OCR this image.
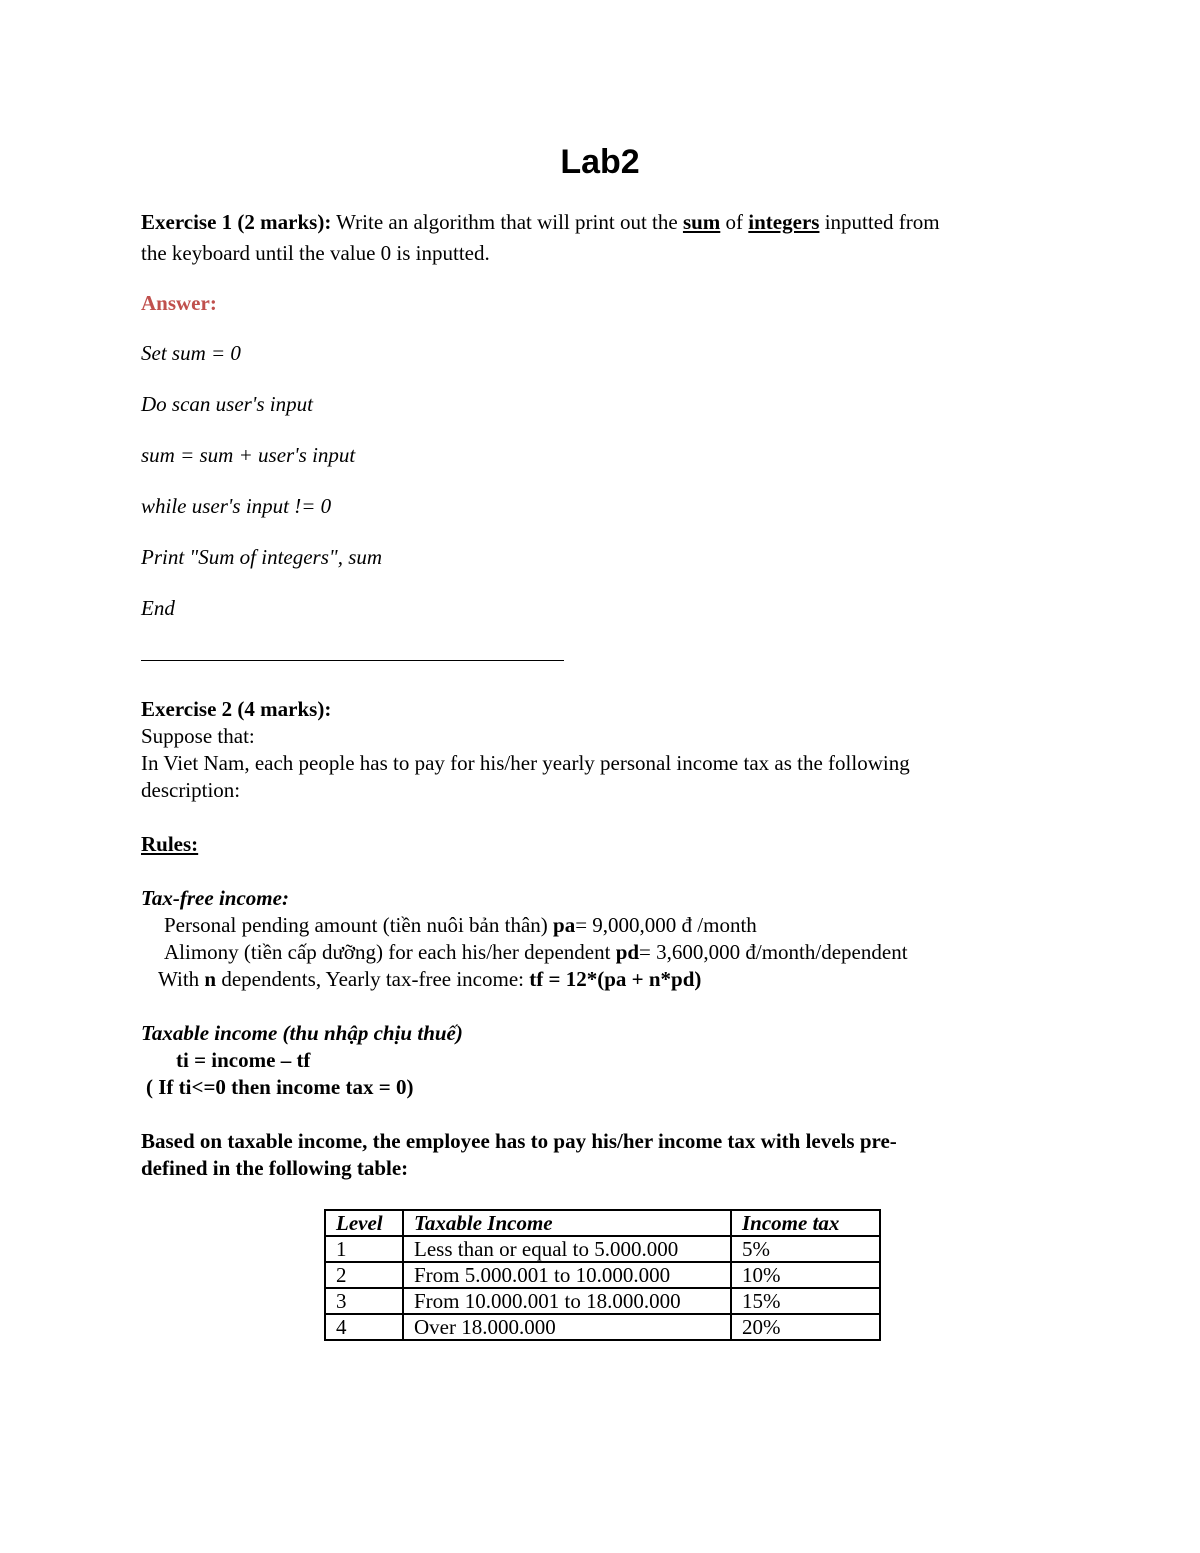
Lab2
Exercise 1 (2 marks): Write an algorithm that will print out the sum of integers inputted from
the keyboard until the value 0 is inputted.
Answer:
Set sum = 0
Do scan user's input
sum = sum + user's input
while user's input != 0
Print "Sum of integers", sum
End
Exercise 2 (4 marks):
Suppose that:
In Viet Nam, each people has to pay for his/her yearly personal income tax as the following
description:
Rules:
Tax-free income:
Personal pending amount (tiền nuôi bản thân) pa= 9,000,000 đ /month
Alimony (tiền cấp dưỡng) for each his/her dependent pd= 3,600,000 đ/month/dependent
With n dependents, Yearly tax-free income: tf = 12*(pa + n*pd)
Taxable income (thu nhập chịu thuế)
ti = income – tf
( If ti<=0 then income tax = 0)
Based on taxable income, the employee has to pay his/her income tax with levels pre-
defined in the following table:
Level	Taxable Income	Income tax
1	Less than or equal to 5.000.000	5%
2	From 5.000.001 to 10.000.000	10%
3	From 10.000.001 to 18.000.000	15%
4	Over 18.000.000	20%
